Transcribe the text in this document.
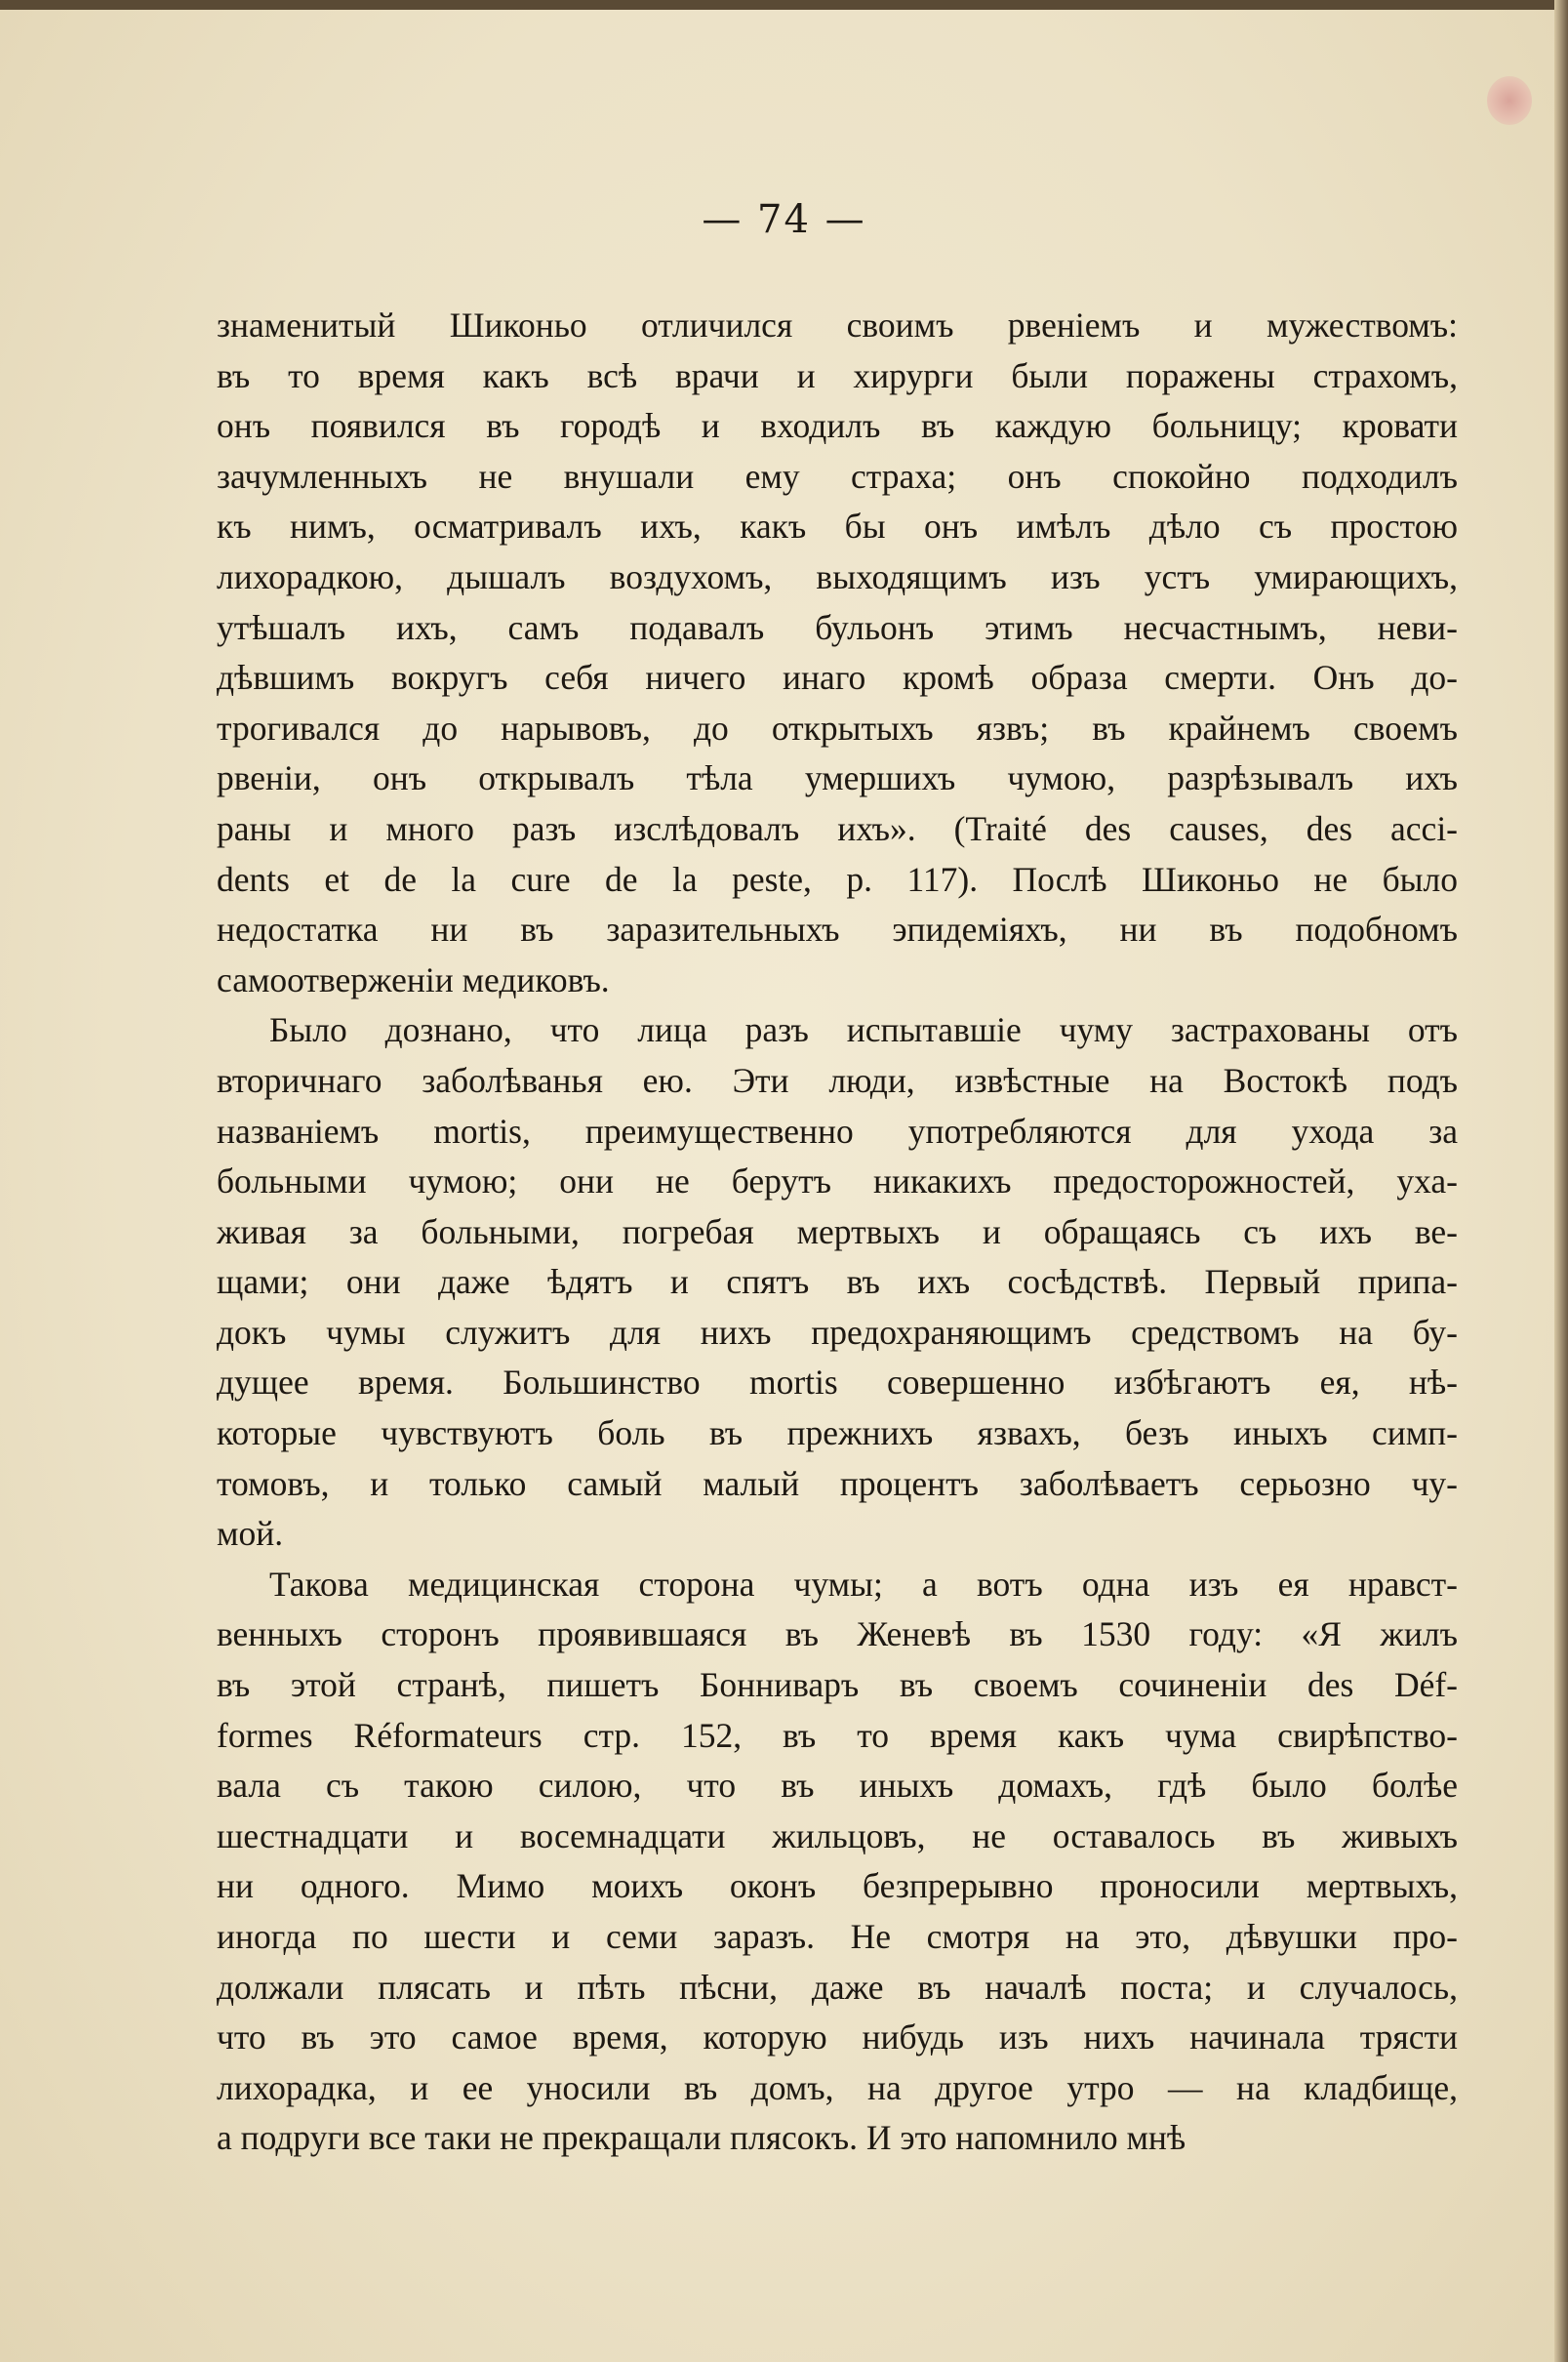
— 74 —
знаменитый Шиконьо отличился своимъ рвеніемъ и мужествомъ:
въ то время какъ всѣ врачи и хирурги были поражены страхомъ,
онъ появился въ городѣ и входилъ въ каждую больницу; кровати
зачумленныхъ не внушали ему страха; онъ спокойно подходилъ
къ нимъ, осматривалъ ихъ, какъ бы онъ имѣлъ дѣло съ простою
лихорадкою, дышалъ воздухомъ, выходящимъ изъ устъ умирающихъ,
утѣшалъ ихъ, самъ подавалъ бульонъ этимъ несчастнымъ, неви-
дѣвшимъ вокругъ себя ничего инаго кромѣ образа смерти. Онъ до-
трогивался до нарывовъ, до открытыхъ язвъ; въ крайнемъ своемъ
рвеніи, онъ открывалъ тѣла умершихъ чумою, разрѣзывалъ ихъ
раны и много разъ изслѣдовалъ ихъ». (Traité des causes, des acci-
dents et de la cure de la peste, p. 117). Послѣ Шиконьо не было
недостатка ни въ заразительныхъ эпидеміяхъ, ни въ подобномъ
самоотверженіи медиковъ.
Было дознано, что лица разъ испытавшіе чуму застрахованы отъ
вторичнаго заболѣванья ею. Эти люди, извѣстные на Востокѣ подъ
названіемъ mortis, преимущественно употребляются для ухода за
больными чумою; они не берутъ никакихъ предосторожностей, уха-
живая за больными, погребая мертвыхъ и обращаясь съ ихъ ве-
щами; они даже ѣдятъ и спятъ въ ихъ сосѣдствѣ. Первый припа-
докъ чумы служитъ для нихъ предохраняющимъ средствомъ на бу-
дущее время. Большинство mortis совершенно избѣгаютъ ея, нѣ-
которые чувствуютъ боль въ прежнихъ язвахъ, безъ иныхъ симп-
томовъ, и только самый малый процентъ заболѣваетъ серьозно чу-
мой.
Такова медицинская сторона чумы; а вотъ одна изъ ея нравст-
венныхъ сторонъ проявившаяся въ Женевѣ въ 1530 году: «Я жилъ
въ этой странѣ, пишетъ Бонниваръ въ своемъ сочиненіи des Déf-
formes Réformateurs стр. 152, въ то время какъ чума свирѣпство-
вала съ такою силою, что въ иныхъ домахъ, гдѣ было болѣе
шестнадцати и восемнадцати жильцовъ, не оставалось въ живыхъ
ни одного. Мимо моихъ оконъ безпрерывно проносили мертвыхъ,
иногда по шести и семи заразъ. Не смотря на это, дѣвушки про-
должали плясать и пѣть пѣсни, даже въ началѣ поста; и случалось,
что въ это самое время, которую нибудь изъ нихъ начинала трясти
лихорадка, и ее уносили въ домъ, на другое утро — на кладбище,
а подруги все таки не прекращали плясокъ. И это напомнило мнѣ
